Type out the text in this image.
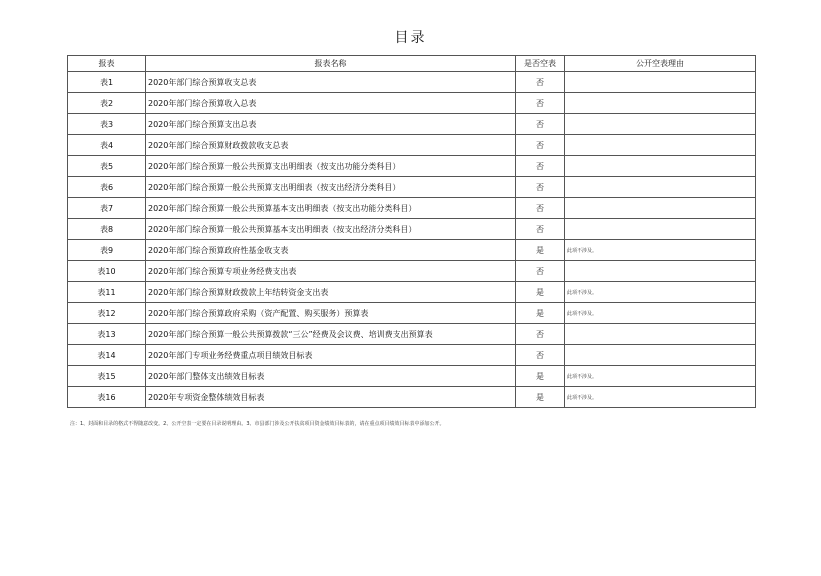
目录
报表	报表名称	是否空表	公开空表理由
表1	2020年部门综合预算收支总表	否	
表2	2020年部门综合预算收入总表	否	
表3	2020年部门综合预算支出总表	否	
表4	2020年部门综合预算财政拨款收支总表	否	
表5	2020年部门综合预算一般公共预算支出明细表（按支出功能分类科目）	否	
表6	2020年部门综合预算一般公共预算支出明细表（按支出经济分类科目）	否	
表7	2020年部门综合预算一般公共预算基本支出明细表（按支出功能分类科目）	否	
表8	2020年部门综合预算一般公共预算基本支出明细表（按支出经济分类科目）	否	
表9	2020年部门综合预算政府性基金收支表	是	此项不涉及。
表10	2020年部门综合预算专项业务经费支出表	否	
表11	2020年部门综合预算财政拨款上年结转资金支出表	是	此项不涉及。
表12	2020年部门综合预算政府采购（资产配置、购买服务）预算表	是	此项不涉及。
表13	2020年部门综合预算一般公共预算拨款“三公”经费及会议费、培训费支出预算表	否	
表14	2020年部门专项业务经费重点项目绩效目标表	否	
表15	2020年部门整体支出绩效目标表	是	此项不涉及。
表16	2020年专项资金整体绩效目标表	是	此项不涉及。
注：1、封面和目录的格式不得随意改变。2、公开空表一定要在目录说明理由。3、市县部门涉及公开扶贫项目资金绩效目标表的，请在重点项目绩效目标表中添加公开。
